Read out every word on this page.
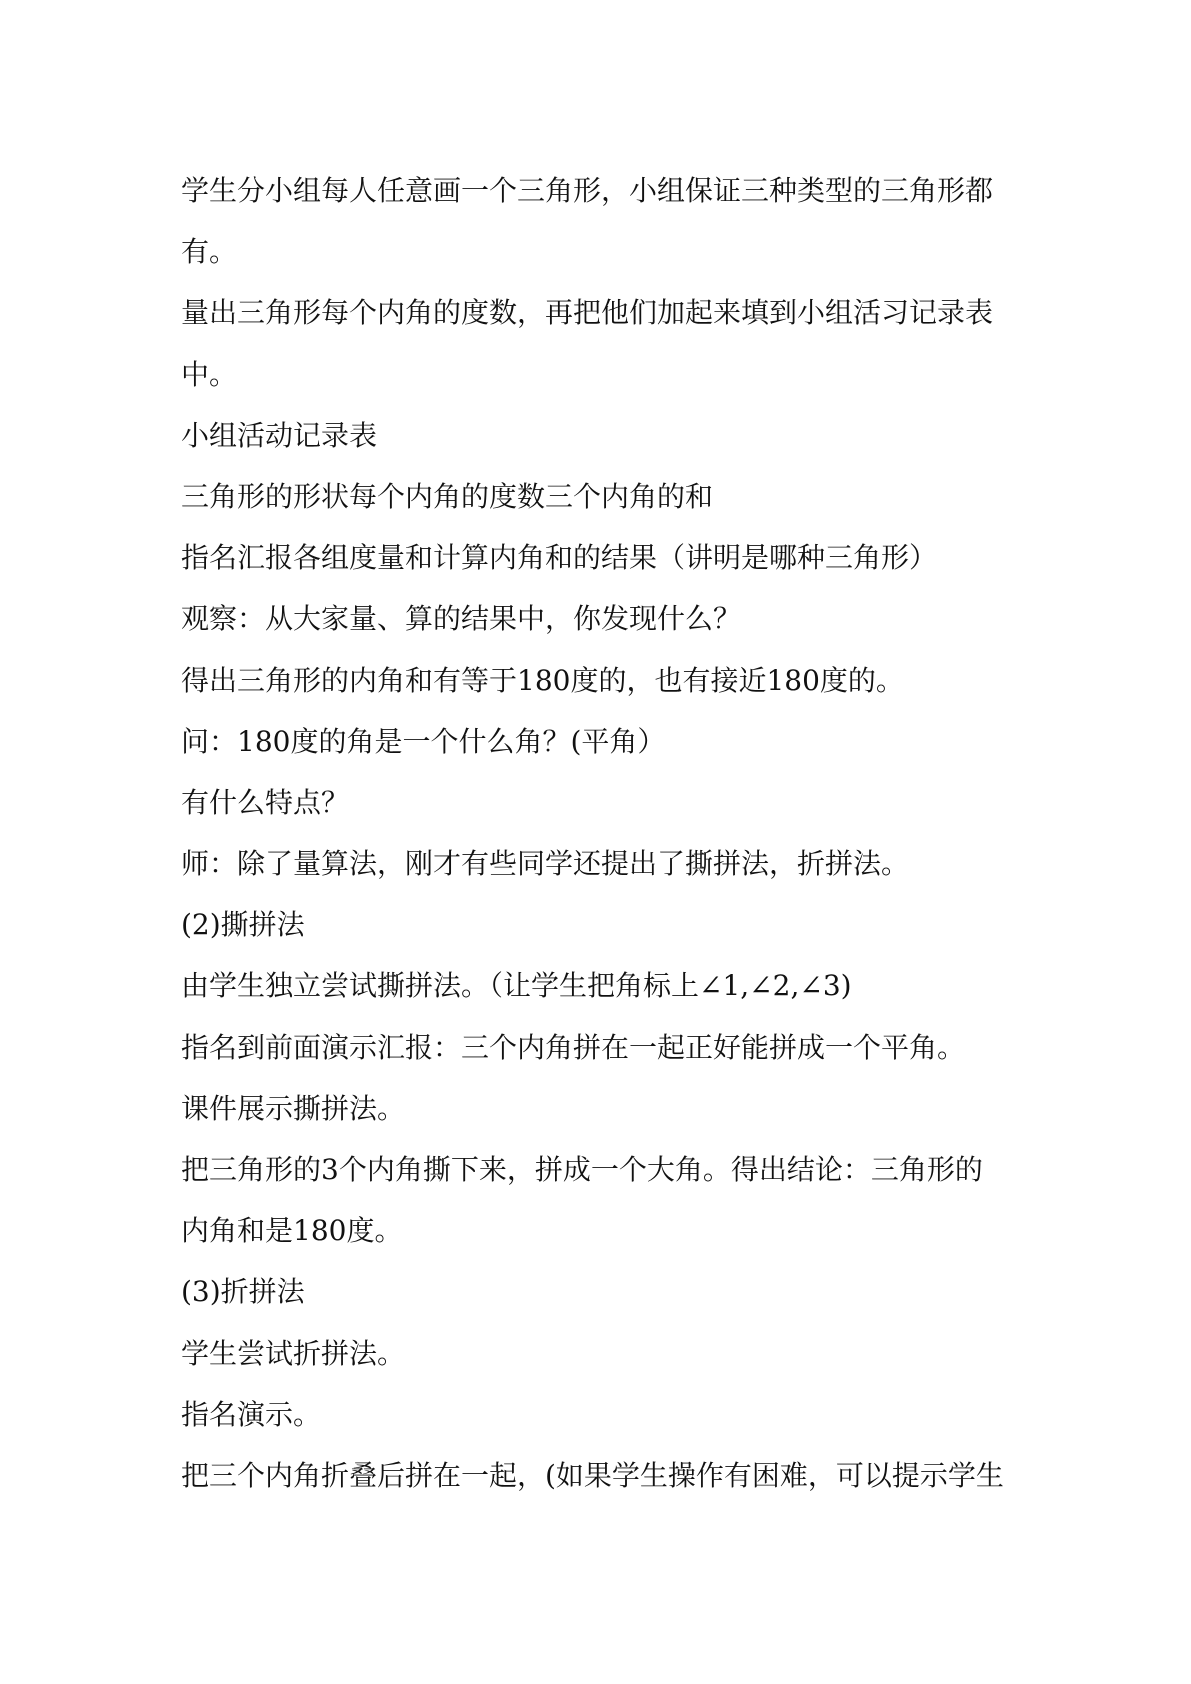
学生分小组每人任意画一个三角形，小组保证三种类型的三角形都

有。

量出三角形每个内角的度数，再把他们加起来填到小组活习记录表

中。

小组活动记录表

三角形的形状每个内角的度数三个内角的和

指名汇报各组度量和计算内角和的结果（讲明是哪种三角形）

观察：从大家量、算的结果中，你发现什么？

得出三角形的内角和有等于180度的，也有接近180度的。

问：180度的角是一个什么角？(平角）

有什么特点？

师：除了量算法，刚才有些同学还提出了撕拼法，折拼法。

(2)撕拼法

由学生独立尝试撕拼法。（让学生把角标上∠1,∠2,∠3)

指名到前面演示汇报：三个内角拼在一起正好能拼成一个平角。

课件展示撕拼法。

把三角形的3个内角撕下来，拼成一个大角。得出结论：三角形的

内角和是180度。

(3)折拼法

学生尝试折拼法。

指名演示。

把三个内角折叠后拼在一起，(如果学生操作有困难，可以提示学生
